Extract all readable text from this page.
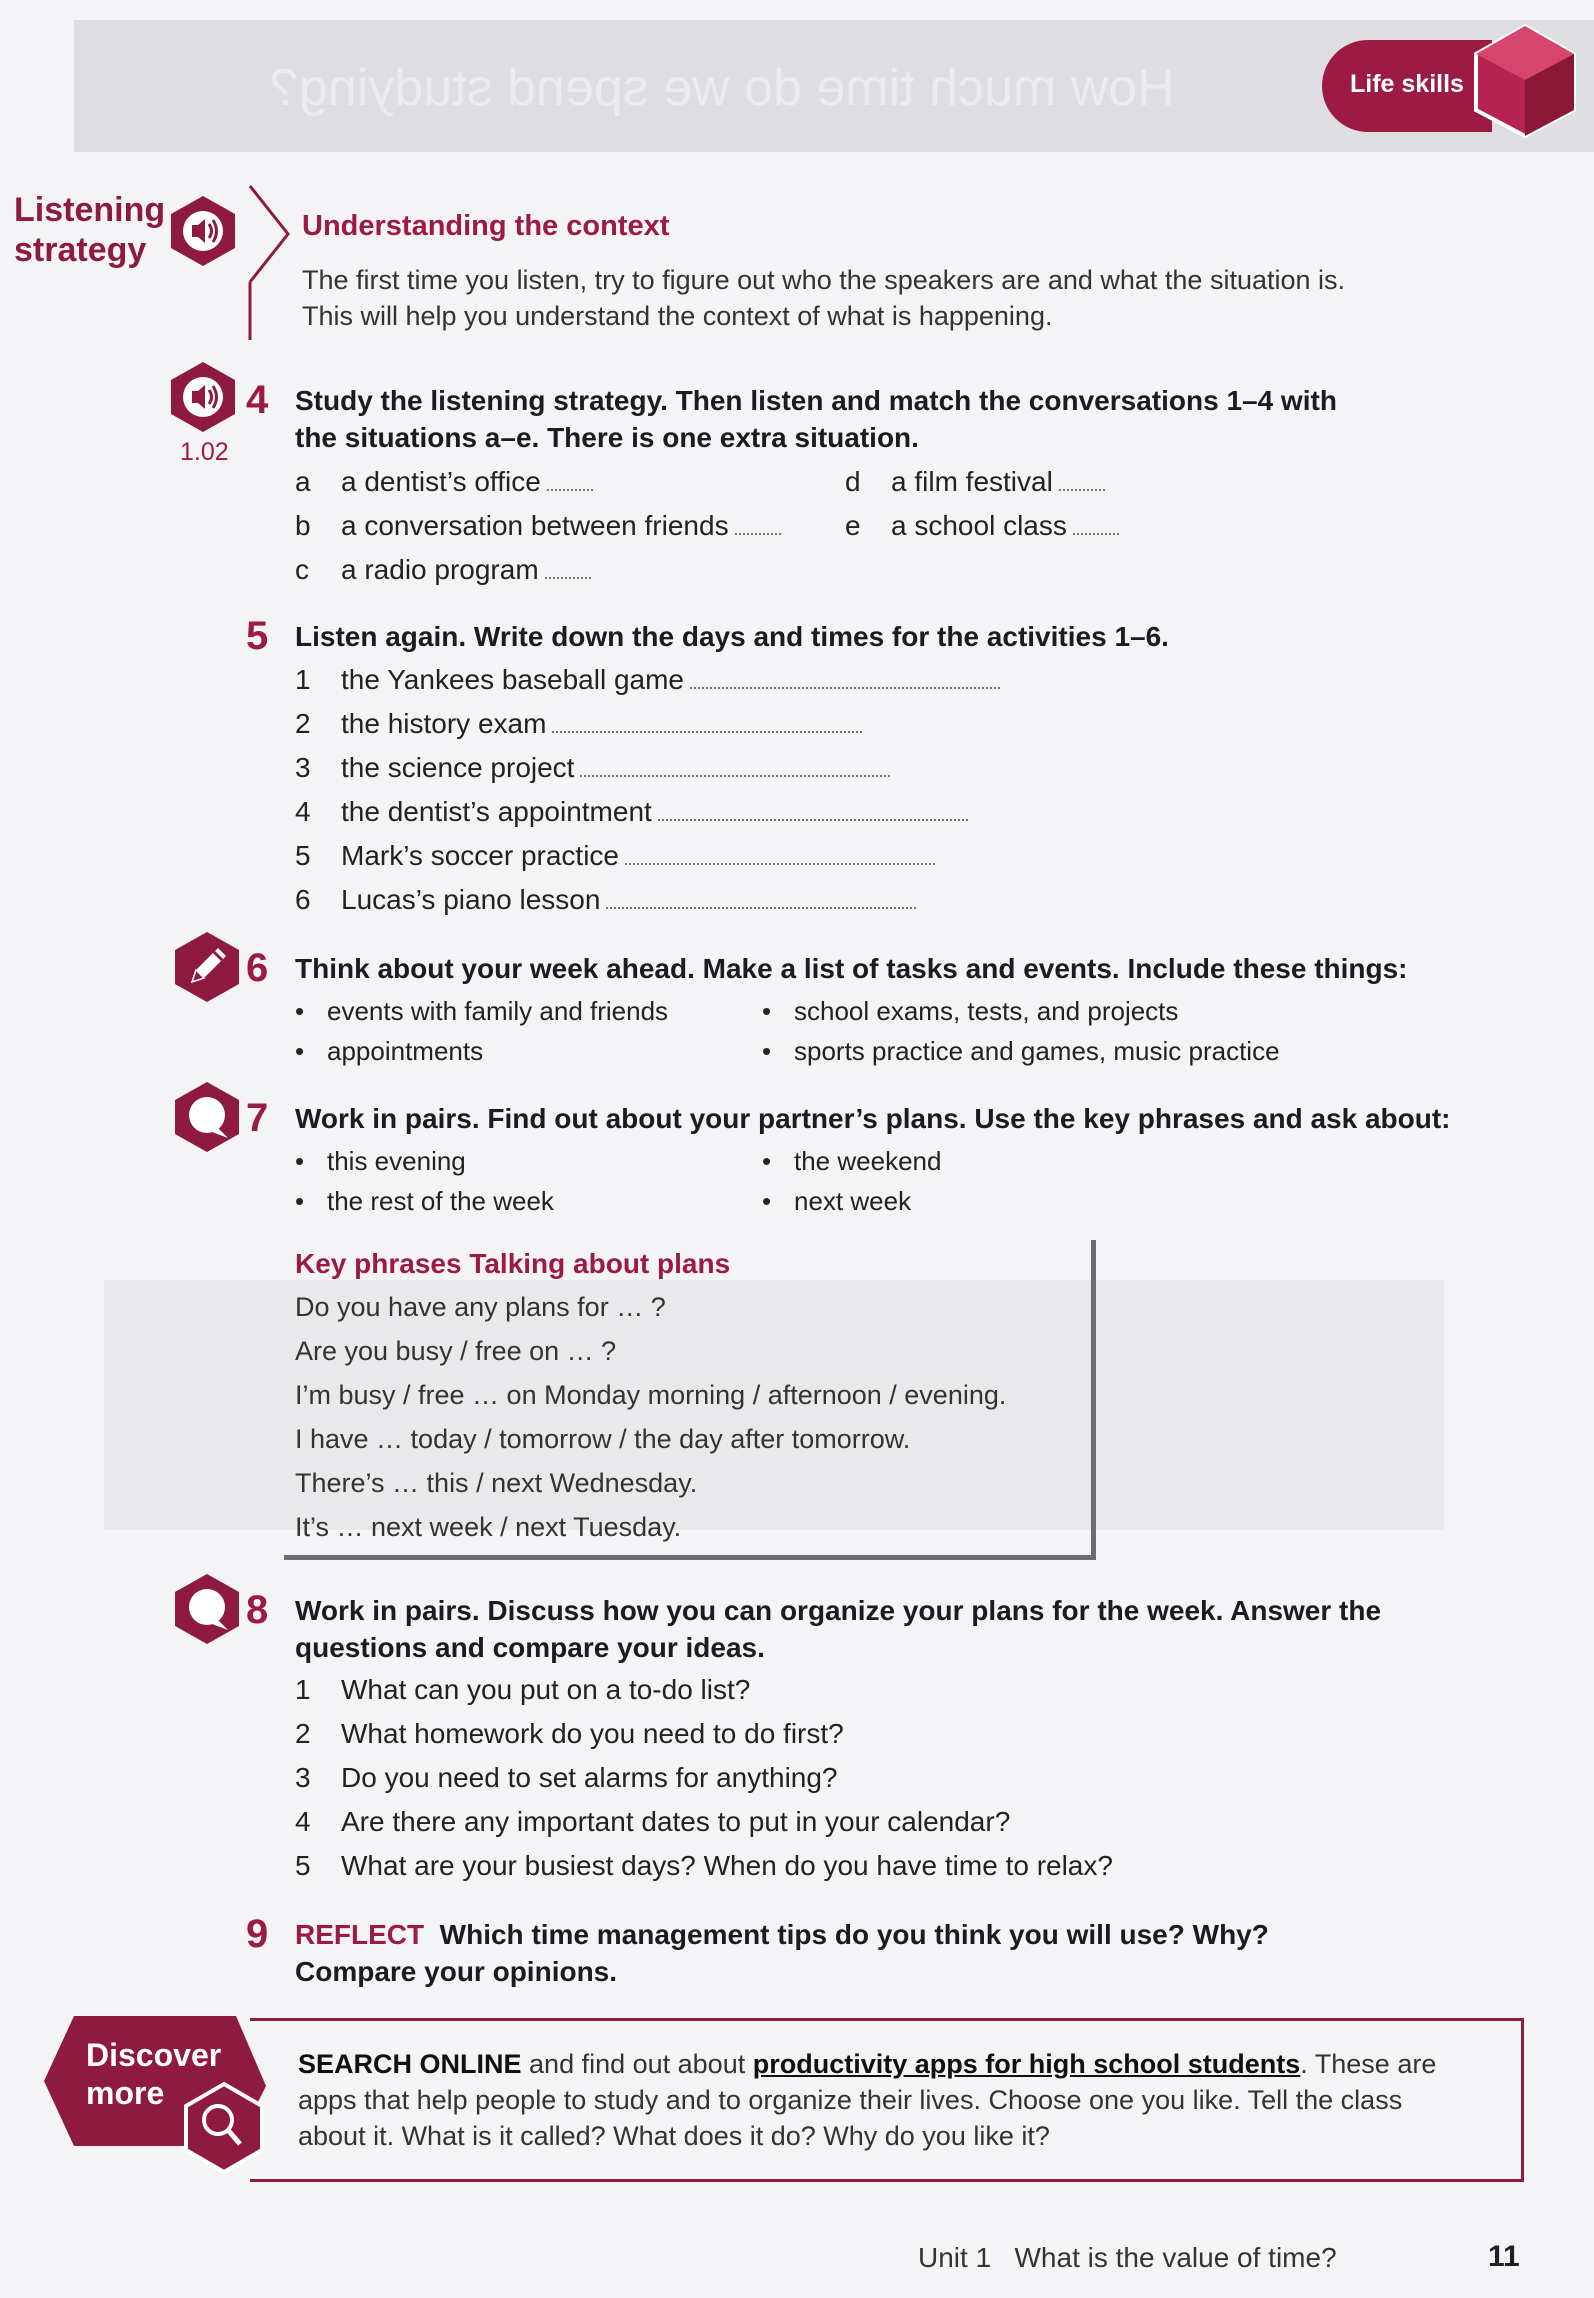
How much time do we spend studying?	Life skills
Listening
strategy
Understanding the context
The first time you listen, try to figure out who the speakers are and what the situation is.
This will help you understand the context of what is happening.
1.02
4 Study the listening strategy. Then listen and match the conversations 1–4 with
the situations a–e. There is one extra situation.
a a dentist’s office
b a conversation between friends
c a radio program
d a film festival
e a school class
5 Listen again. Write down the days and times for the activities 1–6.
1 the Yankees baseball game
2 the history exam
3 the science project
4 the dentist’s appointment
5 Mark’s soccer practice
6 Lucas’s piano lesson
6 Think about your week ahead. Make a list of tasks and events. Include these things:
• events with family and friends
• appointments
• school exams, tests, and projects
• sports practice and games, music practice
7 Work in pairs. Find out about your partner’s plans. Use the key phrases and ask about:
• this evening
• the rest of the week
• the weekend
• next week
Key phrases Talking about plans
Do you have any plans for … ?
Are you busy / free on … ?
I’m busy / free … on Monday morning / afternoon / evening.
I have … today / tomorrow / the day after tomorrow.
There’s … this / next Wednesday.
It’s … next week / next Tuesday.
8 Work in pairs. Discuss how you can organize your plans for the week. Answer the
questions and compare your ideas.
1 What can you put on a to-do list?
2 What homework do you need to do first?
3 Do you need to set alarms for anything?
4 Are there any important dates to put in your calendar?
5 What are your busiest days? When do you have time to relax?
9 REFLECT Which time management tips do you think you will use? Why?
Compare your opinions.
Discover
more
SEARCH ONLINE and find out about productivity apps for high school students. These are
apps that help people to study and to organize their lives. Choose one you like. Tell the class
about it. What is it called? What does it do? Why do you like it?
Unit 1 What is the value of time?	11
